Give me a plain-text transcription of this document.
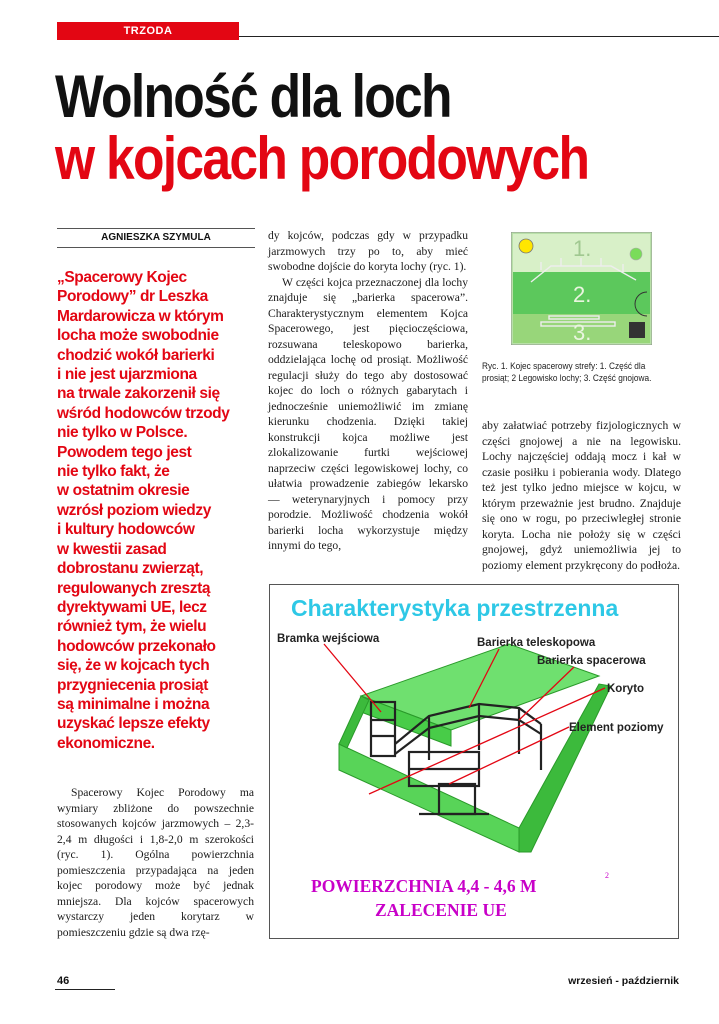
TRZODA
Wolność dla loch
w kojcach porodowych
AGNIESZKA SZYMULA
„Spacerowy Kojec
Porodowy” dr Leszka
Mardarowicza w którym
locha może swobodnie
chodzić wokół barierki
i nie jest ujarzmiona
na trwale zakorzenił się
wśród hodowców trzody
nie tylko w Polsce.
Powodem tego jest
nie tylko fakt, że
w ostatnim okresie
wzrósł poziom wiedzy
i kultury hodowców
w kwestii zasad
dobrostanu zwierząt,
regulowanych zresztą
dyrektywami UE, lecz
również tym, że wielu
hodowców przekonało
się, że w kojcach tych
przygniecenia prosiąt
są minimalne i można
uzyskać lepsze efekty
ekonomiczne.

Spacerowy Kojec Porodowy ma wymiary zbliżone do powszechnie stosowanych kojców jarzmowych – 2,3-2,4 m długości i 1,8-2,0 m szerokości (ryc. 1). Ogólna powierzchnia pomieszczenia przypadająca na jeden kojec porodowy może być jednak mniejsza. Dla kojców spacerowych wystarczy jeden korytarz w pomieszczeniu gdzie są dwa rzę-

dy kojców, podczas gdy w przypadku jarzmowych trzy po to, aby mieć swobodne dojście do koryta lochy (ryc. 1).

W części kojca przeznaczonej dla lochy znajduje się „barierka spacerowa”. Charakterystycznym elementem Kojca Spacerowego, jest pięcioczęściowa, rozsuwana teleskopowo barierka, oddzielająca lochę od prosiąt. Możliwość regulacji służy do tego aby dostosować kojec do loch o różnych gabarytach i jednocześnie uniemożliwić im zmianę kierunku chodzenia. Dzięki takiej konstrukcji kojca możliwe jest zlokalizowanie furtki wejściowej naprzeciw części legowiskowej lochy, co ułatwia prowadzenie zabiegów lekarsko — weterynaryjnych i pomocy przy porodzie. Możliwość chodzenia wokół barierki locha wykorzystuje między innymi do tego,

1.
2.
3.
Ryc. 1. Kojec spacerowy strefy: 1. Część dla prosiąt; 2 Legowisko lochy; 3. Część gnojowa.

aby załatwiać potrzeby fizjologicznych w części gnojowej a nie na legowisku. Lochy najczęściej oddają mocz i kał w czasie posiłku i pobierania wody. Dlatego też jest tylko jedno miejsce w kojcu, w którym przeważnie jest brudno. Znajduje się ono w rogu, po przeciwległej stronie koryta. Locha nie położy się w części gnojowej, gdyż uniemożliwia jej to poziomy element przykręcony do podłoża.

Charakterystyka przestrzenna
Bramka wejściowa	Barierka teleskopowa
Barierka spacerowa
Koryto
Element poziomy
POWIERZCHNIA 4,4 - 4,6 M
2
ZALECENIE UE
46	wrzesień - październik
